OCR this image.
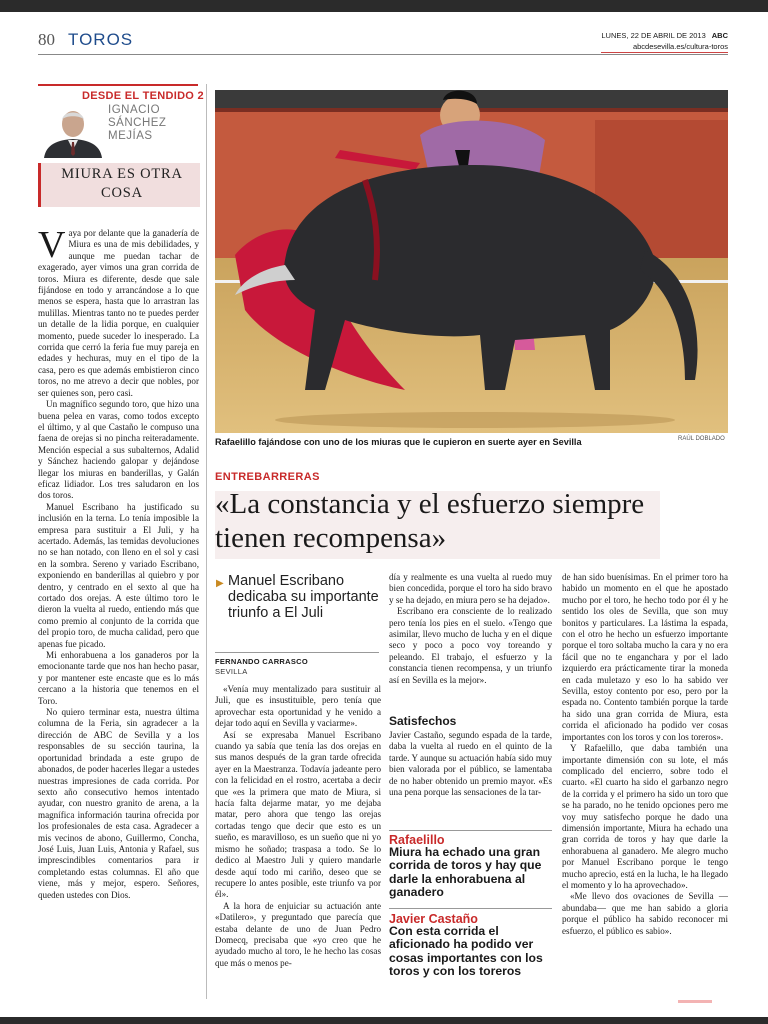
80 TOROS	LUNES, 22 DE ABRIL DE 2013 ABC
abcdesevilla.es/cultura-toros
DESDE EL TENDIDO 2
IGNACIO
SÁNCHEZ
MEJÍAS
MIURA ES OTRA COSA

Vaya por delante que la ganadería de Miura es una de mis debilidades, y aunque me puedan tachar de exagerado, ayer vimos una gran corrida de toros. Miura es diferente, desde que sale fijándose en todo y arrancándose a lo que menos se espera, hasta que lo arrastran las mulillas. Mientras tanto no te puedes perder un detalle de la lidia porque, en cualquier momento, puede suceder lo inesperado. La corrida que cerró la feria fue muy pareja en edades y hechuras, muy en el tipo de la casa, pero es que además embistieron cinco toros, no me atrevo a decir que nobles, por ser quienes son, pero casi.

Un magnífico segundo toro, que hizo una buena pelea en varas, como todos excepto el último, y al que Castaño le compuso una faena de orejas si no pincha reiteradamente. Mención especial a sus subalternos, Adalid y Sánchez haciendo galopar y dejándose llegar los miuras en banderillas, y Galán eficaz lidiador. Los tres saludaron en los dos toros.

Manuel Escribano ha justificado su inclusión en la terna. Lo tenía imposible la empresa para sustituir a El Juli, y ha acertado. Además, las temidas devoluciones no se han notado, con lleno en el sol y casi en la sombra. Sereno y variado Escribano, exponiendo en banderillas al quiebro y por dentro, y centrado en el sexto al que ha cortado dos orejas. A este último toro le dieron la vuelta al ruedo, entiendo más que como premio al conjunto de la corrida que del propio toro, de mucha calidad, pero que apenas fue picado.

Mi enhorabuena a los ganaderos por la emocionante tarde que nos han hecho pasar, y por mantener este encaste que es lo más cercano a la historia que tenemos en el Toro.

No quiero terminar esta, nuestra última columna de la Feria, sin agradecer a la dirección de ABC de Sevilla y a los responsables de su sección taurina, la oportunidad brindada a este grupo de abonados, de poder hacerles llegar a ustedes nuestras impresiones de cada corrida. Por sexto año consecutivo hemos intentado ayudar, con nuestro granito de arena, a la magnífica información taurina ofrecida por los profesionales de esta casa. Agradecer a mis vecinos de abono, Guillermo, Concha, José Luis, Juan Luis, Antonia y Rafael, sus imprescindibles comentarios para ir completando estas columnas. El año que viene, más y mejor, espero. Señores, queden ustedes con Dios.

Rafaelillo fajándose con uno de los miuras que le cupieron en suerte ayer en Sevilla	RAÚL DOBLADO
ENTREBARRERAS
«La constancia y el esfuerzo siempre tienen recompensa»
▶ Manuel Escribano dedicaba su importante triunfo a El Juli
FERNANDO CARRASCO
SEVILLA

«Venía muy mentalizado para sustituir al Juli, que es insustituible, pero tenía que aprovechar esta oportunidad y he venido a dejar todo aquí en Sevilla y vaciarme».

Así se expresaba Manuel Escribano cuando ya sabía que tenía las dos orejas en sus manos después de la gran tarde ofrecida ayer en la Maestranza. Todavía jadeante pero con la felicidad en el rostro, acertaba a decir que «es la primera que mato de Miura, si hacía falta dejarme matar, yo me dejaba matar, pero ahora que tengo las orejas cortadas tengo que decir que esto es un sueño, es maravilloso, es un sueño que ni yo mismo he soñado; traspasa a todo. Se lo dedico al Maestro Juli y quiero mandarle desde aquí todo mi cariño, deseo que se recupere lo antes posible, este triunfo va por él».

A la hora de enjuiciar su actuación ante «Datilero», y preguntado que parecía que estaba delante de uno de Juan Pedro Domecq, precisaba que «yo creo que he ayudado mucho al toro, le he hecho las cosas que más o menos pe-

día y realmente es una vuelta al ruedo muy bien concedida, porque el toro ha sido bravo y se ha dejado, en miura pero se ha dejado».

Escribano era consciente de lo realizado pero tenía los pies en el suelo. «Tengo que asimilar, llevo mucho de lucha y en el dique seco y poco a poco voy toreando y peleando. El trabajo, el esfuerzo y la constancia tienen recompensa, y un triunfo así en Sevilla es la mejor».

Satisfechos

Javier Castaño, segundo espada de la tarde, daba la vuelta al ruedo en el quinto de la tarde. Y aunque su actuación había sido muy bien valorada por el público, se lamentaba de no haber obtenido un premio mayor. «Es una pena porque las sensaciones de la tar-

Rafaelillo
Miura ha echado una gran corrida de toros y hay que darle la enhorabuena al ganadero
Javier Castaño
Con esta corrida el aficionado ha podido ver cosas importantes con los toros y con los toreros

de han sido buenísimas. En el primer toro ha habido un momento en el que he apostado mucho por el toro, he hecho todo por él y he sentido los oles de Sevilla, que son muy bonitos y particulares. La lástima la espada, con el otro he hecho un esfuerzo importante porque el toro soltaba mucho la cara y no era fácil que no te enganchara y por el lado izquierdo era prácticamente tirar la moneda en cada muletazo y eso lo ha sabido ver Sevilla, estoy contento por eso, pero por la espada no. Contento también porque la tarde ha sido una gran corrida de Miura, esta corrida el aficionado ha podido ver cosas importantes con los toros y con los toreros».

Y Rafaelillo, que daba también una importante dimensión con su lote, el más complicado del encierro, sobre todo el cuarto. «El cuarto ha sido el garbanzo negro de la corrida y el primero ha sido un toro que se ha parado, no he tenido opciones pero me voy muy satisfecho porque he dado una dimensión importante, Miura ha echado una gran corrida de toros y hay que darle la enhorabuena al ganadero. Me alegro mucho por Manuel Escribano porque le tengo mucho aprecio, está en la lucha, le ha llegado el momento y lo ha aprovechado».

«Me llevo dos ovaciones de Sevilla —abundaba— que me han sabido a gloria porque el público ha sabido reconocer mi esfuerzo, el público es sabio».
